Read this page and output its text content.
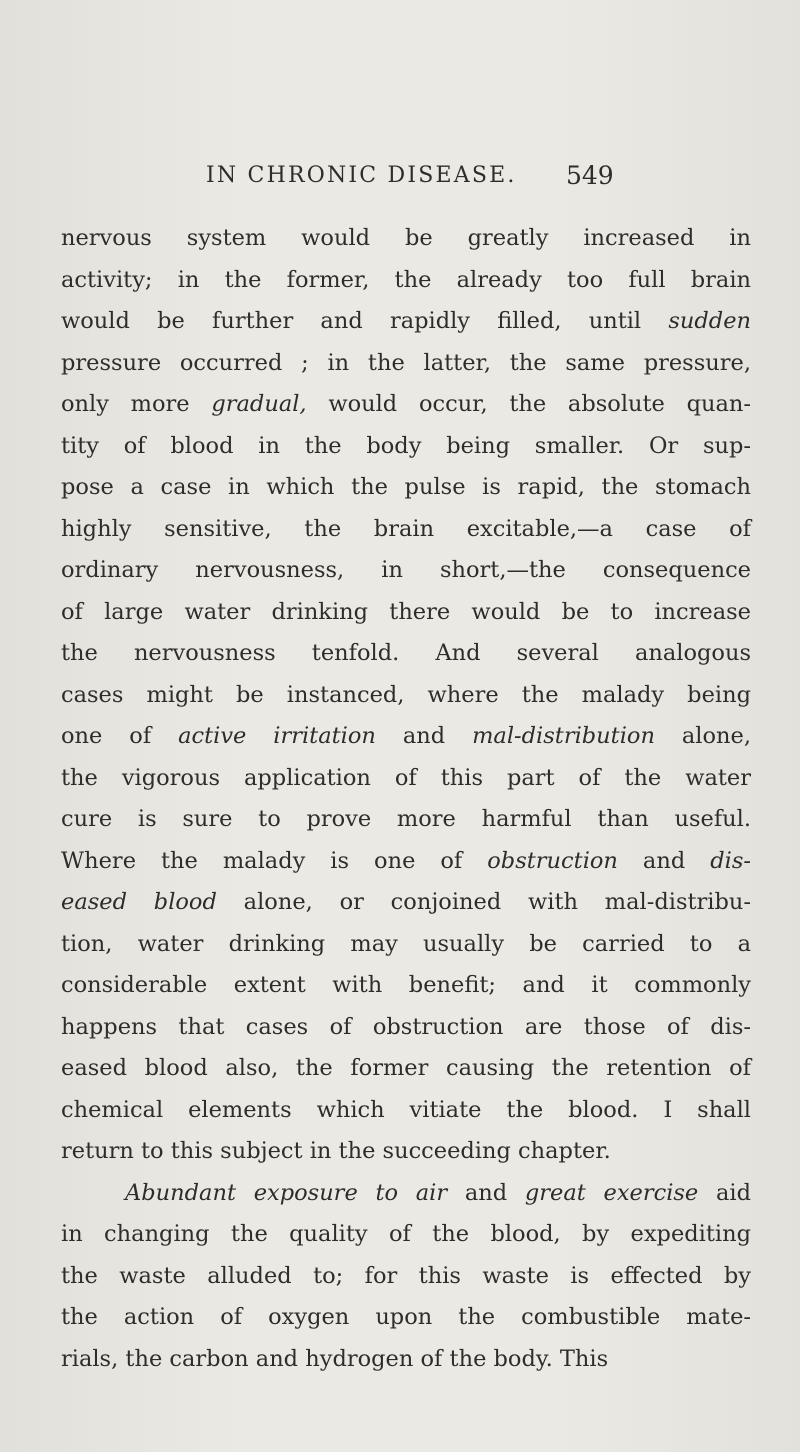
IN CHRONIC DISEASE. 549
nervous system would be greatly increased in
activity; in the former, the already too full brain
would be further and rapidly filled, until sudden
pressure occurred ; in the latter, the same pressure,
only more gradual, would occur, the absolute quan-
tity of blood in the body being smaller. Or sup-
pose a case in which the pulse is rapid, the stomach
highly sensitive, the brain excitable,—a case of
ordinary nervousness, in short,—the consequence
of large water drinking there would be to increase
the nervousness tenfold. And several analogous
cases might be instanced, where the malady being
one of active irritation and mal-distribution alone,
the vigorous application of this part of the water
cure is sure to prove more harmful than useful.
Where the malady is one of obstruction and dis-
eased blood alone, or conjoined with mal-distribu-
tion, water drinking may usually be carried to a
considerable extent with benefit; and it commonly
happens that cases of obstruction are those of dis-
eased blood also, the former causing the retention of
chemical elements which vitiate the blood. I shall
return to this subject in the succeeding chapter.
Abundant exposure to air and great exercise aid
in changing the quality of the blood, by expediting
the waste alluded to; for this waste is effected by
the action of oxygen upon the combustible mate-
rials, the carbon and hydrogen of the body. This
